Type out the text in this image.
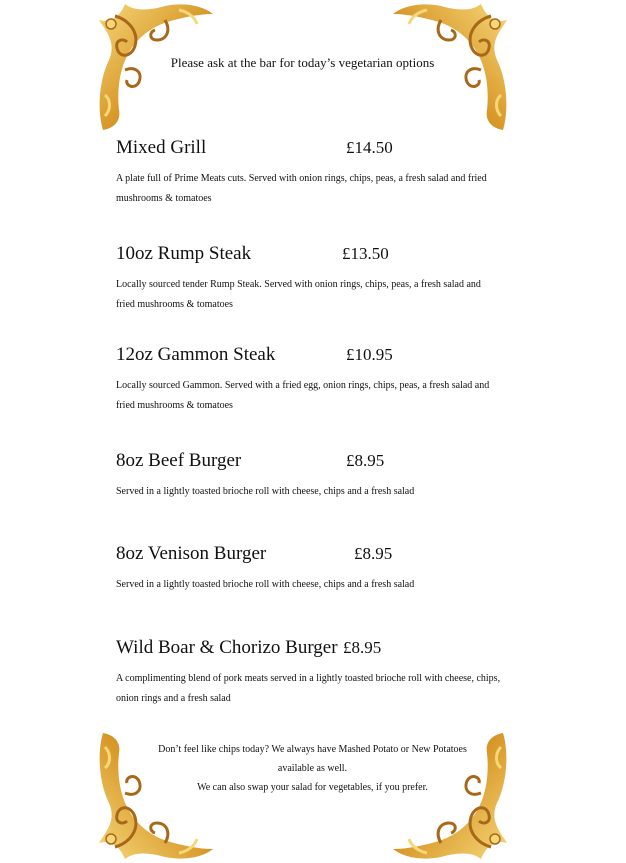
Please ask at the bar for today’s vegetarian options
Mixed Grill	£14.50
A plate full of Prime Meats cuts. Served with onion rings, chips, peas, a fresh salad and fried mushrooms & tomatoes
10oz Rump Steak	£13.50
Locally sourced tender Rump Steak. Served with onion rings, chips, peas, a fresh salad and fried mushrooms & tomatoes
12oz Gammon Steak	£10.95
Locally sourced Gammon. Served with a fried egg, onion rings, chips, peas, a fresh salad and fried mushrooms & tomatoes
8oz Beef Burger	£8.95
Served in a lightly toasted brioche roll with cheese, chips and a fresh salad
8oz Venison Burger	£8.95
Served in a lightly toasted brioche roll with cheese, chips and a fresh salad
Wild Boar & Chorizo Burger £8.95
A complimenting blend of pork meats served in a lightly toasted brioche roll with cheese, chips, onion rings and a fresh salad
Don’t feel like chips today? We always have Mashed Potato or New Potatoes
available as well.
We can also swap your salad for vegetables, if you prefer.
